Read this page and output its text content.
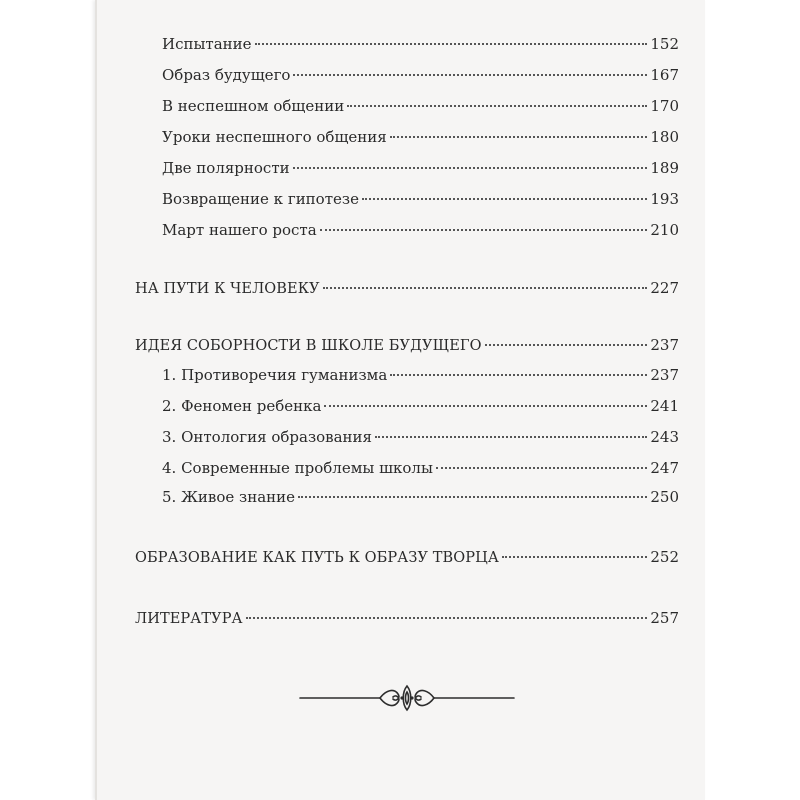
Испытание	152
Образ будущего	167
В неспешном общении	170
Уроки неспешного общения	180
Две полярности	189
Возвращение к гипотезе	193
Март нашего роста	210
НА ПУТИ К ЧЕЛОВЕКУ	227
ИДЕЯ СОБОРНОСТИ В ШКОЛЕ БУДУЩЕГО	237
1. Противоречия гуманизма	237
2. Феномен ребенка	241
3. Онтология образования	243
4. Современные проблемы школы	247
5. Живое знание	250
ОБРАЗОВАНИЕ КАК ПУТЬ К ОБРАЗУ ТВОРЦА	252
ЛИТЕРАТУРА	257
